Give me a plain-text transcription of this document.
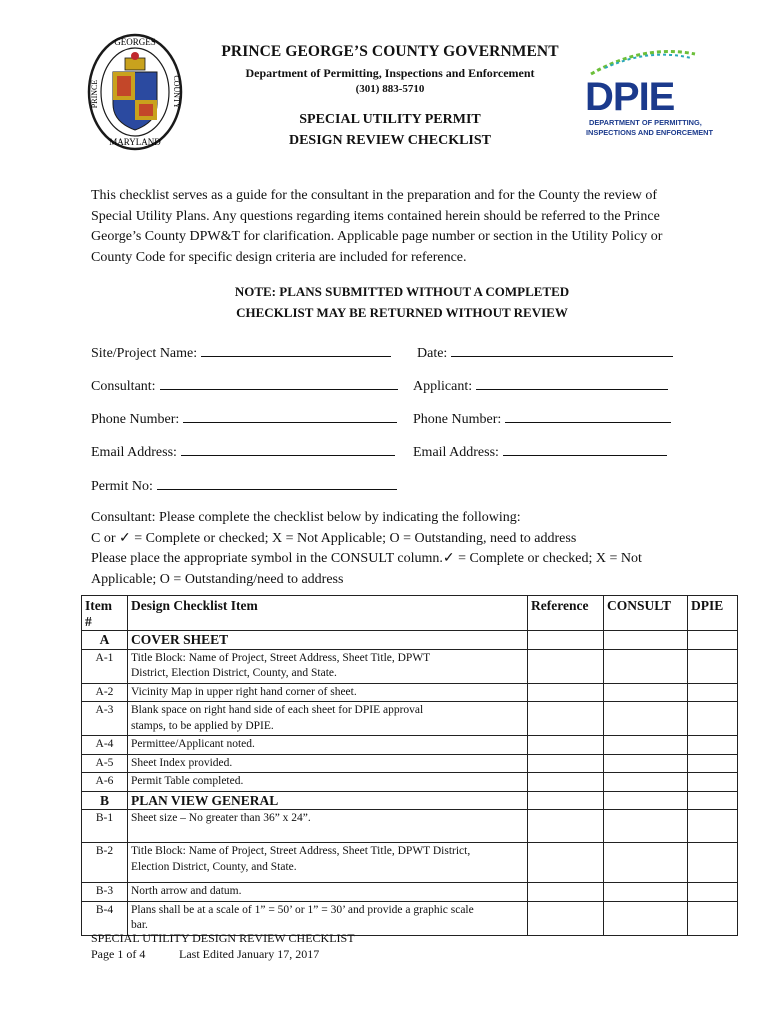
GEORGES
PRINCE	COUNTY
MARYLAND
PRINCE GEORGE’S COUNTY GOVERNMENT
Department of Permitting, Inspections and Enforcement
(301) 883-5710
SPECIAL UTILITY PERMIT
DESIGN REVIEW CHECKLIST
DPIE
DEPARTMENT OF PERMITTING,
INSPECTIONS AND ENFORCEMENT
This checklist serves as a guide for the consultant in the preparation and for the County the review of
Special Utility Plans. Any questions regarding items contained herein should be referred to the Prince
George’s County DPW&T for clarification. Applicable page number or section in the Utility Policy or
County Code for specific design criteria are included for reference.
NOTE: PLANS SUBMITTED WITHOUT A COMPLETED
CHECKLIST MAY BE RETURNED WITHOUT REVIEW
Site/Project Name:	Date:
Consultant:	Applicant:
Phone Number:	Phone Number:
Email Address:	Email Address:
Permit No:
Consultant: Please complete the checklist below by indicating the following:
C or ✓ = Complete or checked; X = Not Applicable; O = Outstanding, need to address
Please place the appropriate symbol in the CONSULT column.✓ = Complete or checked; X = Not
Applicable; O = Outstanding/need to address
Item
#	Design Checklist Item	Reference	CONSULT	DPIE
A	COVER SHEET			
A-1	Title Block: Name of Project, Street Address, Sheet Title, DPWT
District, Election District, County, and State.			

A-2	Vicinity Map in upper right hand corner of sheet.			
A-3	Blank space on right hand side of each sheet for DPIE approval
stamps, to be applied by DPIE.			

A-4	Permittee/Applicant noted.			
A-5	Sheet Index provided.			
A-6	Permit Table completed.			
B	PLAN VIEW GENERAL			
B-1	Sheet size – No greater than 36” x 24”.			
B-2	Title Block: Name of Project, Street Address, Sheet Title, DPWT District,
Election District, County, and State.			

B-3	North arrow and datum.			
B-4	Plans shall be at a scale of 1” = 50’ or 1” = 30’ and provide a graphic scale
bar.			

SPECIAL UTILITY DESIGN REVIEW CHECKLIST
Page 1 of 4	Last Edited January 17, 2017
